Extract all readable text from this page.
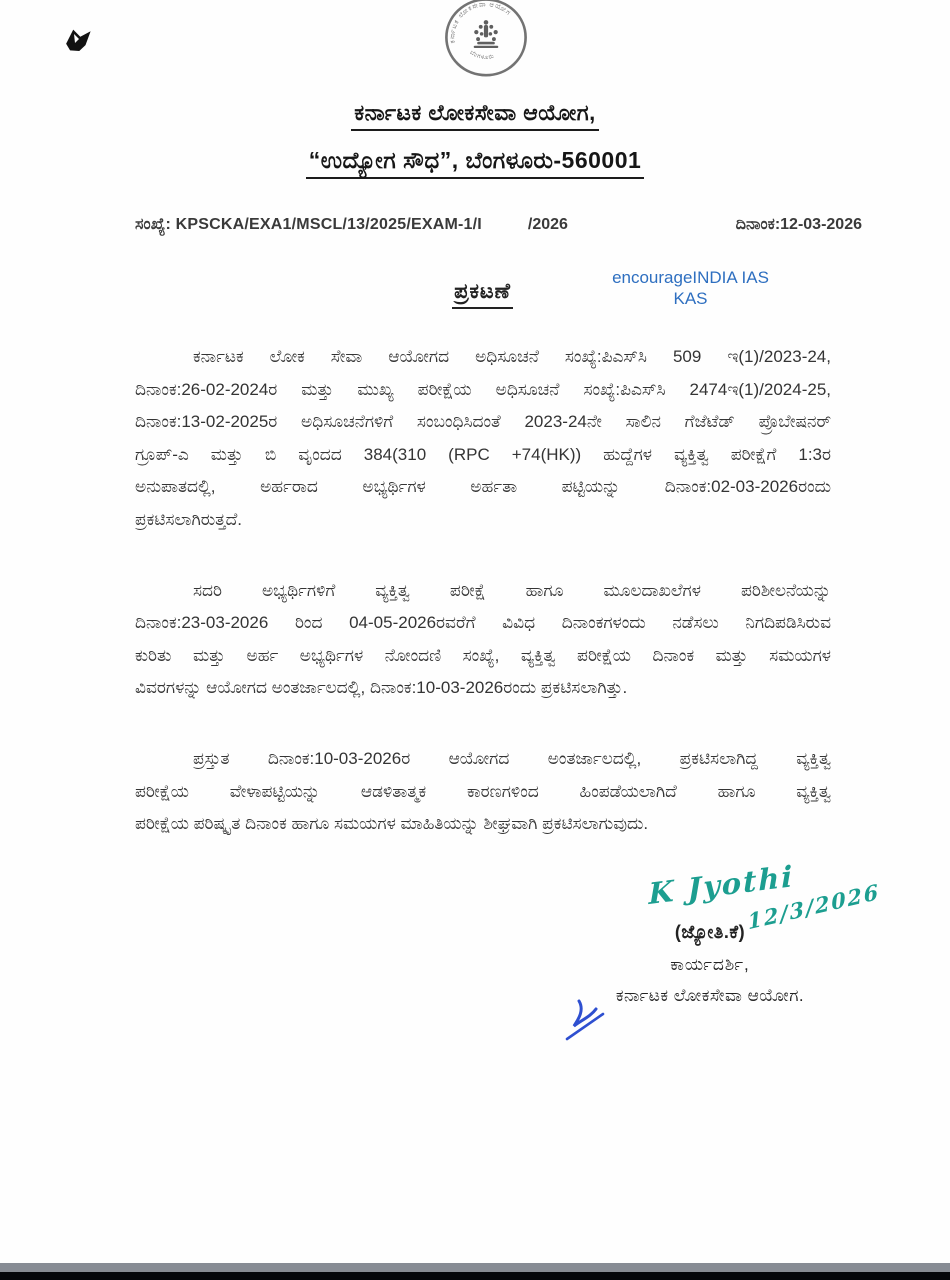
ಕರ್ನಾಟಕ ಲೋಕಸೇವಾ ಆಯೋಗ
ಬೆಂಗಳೂರು
ಕರ್ನಾಟಕ ಲೋಕಸೇವಾ ಆಯೋಗ,
“ಉದ್ಯೋಗ ಸೌಧ”, ಬೆಂಗಳೂರು-560001
ಸಂಖ್ಯೆ: KPSCKA/EXA1/MSCL/13/2025/EXAM-1/I	/2026	ದಿನಾಂಕ:12-03-2026
ಪ್ರಕಟಣೆ
encourageINDIA IAS
KAS
ಕರ್ನಾಟಕ ಲೋಕ ಸೇವಾ ಆಯೋಗದ ಅಧಿಸೂಚನೆ ಸಂಖ್ಯೆ:ಪಿಎಸ್‌ಸಿ 509 ಇ(1)/2023-24,
ದಿನಾಂಕ:26-02-2024ರ ಮತ್ತು ಮುಖ್ಯ ಪರೀಕ್ಷೆಯ ಅಧಿಸೂಚನೆ ಸಂಖ್ಯೆ:ಪಿಎಸ್‌ಸಿ 2474ಇ(1)/2024-25,
ದಿನಾಂಕ:13-02-2025ರ ಅಧಿಸೂಚನೆಗಳಿಗೆ ಸಂಬಂಧಿಸಿದಂತೆ 2023-24ನೇ ಸಾಲಿನ ಗೆಜೆಟೆಡ್ ಪ್ರೊಬೇಷನರ್
ಗ್ರೂಪ್-ಎ ಮತ್ತು ಬಿ ವೃಂದದ 384(310 (RPC +74(HK)) ಹುದ್ದೆಗಳ ವ್ಯಕ್ತಿತ್ವ ಪರೀಕ್ಷೆಗೆ 1:3ರ
ಅನುಪಾತದಲ್ಲಿ, ಅರ್ಹರಾದ ಅಭ್ಯರ್ಥಿಗಳ ಅರ್ಹತಾ ಪಟ್ಟಿಯನ್ನು ದಿನಾಂಕ:02-03-2026ರಂದು
ಪ್ರಕಟಿಸಲಾಗಿರುತ್ತದೆ.
ಸದರಿ ಅಭ್ಯರ್ಥಿಗಳಿಗೆ ವ್ಯಕ್ತಿತ್ವ ಪರೀಕ್ಷೆ ಹಾಗೂ ಮೂಲದಾಖಲೆಗಳ ಪರಿಶೀಲನೆಯನ್ನು
ದಿನಾಂಕ:23-03-2026 ರಿಂದ 04-05-2026ರವರೆಗೆ ವಿವಿಧ ದಿನಾಂಕಗಳಂದು ನಡೆಸಲು ನಿಗದಿಪಡಿಸಿರುವ
ಕುರಿತು ಮತ್ತು ಅರ್ಹ ಅಭ್ಯರ್ಥಿಗಳ ನೋಂದಣಿ ಸಂಖ್ಯೆ, ವ್ಯಕ್ತಿತ್ವ ಪರೀಕ್ಷೆಯ ದಿನಾಂಕ ಮತ್ತು ಸಮಯಗಳ
ವಿವರಗಳನ್ನು ಆಯೋಗದ ಅಂತರ್ಜಾಲದಲ್ಲಿ, ದಿನಾಂಕ:10-03-2026ರಂದು ಪ್ರಕಟಿಸಲಾಗಿತ್ತು.
ಪ್ರಸ್ತುತ ದಿನಾಂಕ:10-03-2026ರ ಆಯೋಗದ ಅಂತರ್ಜಾಲದಲ್ಲಿ, ಪ್ರಕಟಿಸಲಾಗಿದ್ದ ವ್ಯಕ್ತಿತ್ವ
ಪರೀಕ್ಷೆಯ ವೇಳಾಪಟ್ಟಿಯನ್ನು ಆಡಳಿತಾತ್ಮಕ ಕಾರಣಗಳಿಂದ ಹಿಂಪಡೆಯಲಾಗಿದೆ ಹಾಗೂ ವ್ಯಕ್ತಿತ್ವ
ಪರೀಕ್ಷೆಯ ಪರಿಷ್ಕೃತ ದಿನಾಂಕ ಹಾಗೂ ಸಮಯಗಳ ಮಾಹಿತಿಯನ್ನು ಶೀಘ್ರವಾಗಿ ಪ್ರಕಟಿಸಲಾಗುವುದು.
K Jyothi
12/3/2026
(ಜ್ಯೋತಿ.ಕೆ)
ಕಾರ್ಯದರ್ಶಿ,
ಕರ್ನಾಟಕ ಲೋಕಸೇವಾ ಆಯೋಗ.
